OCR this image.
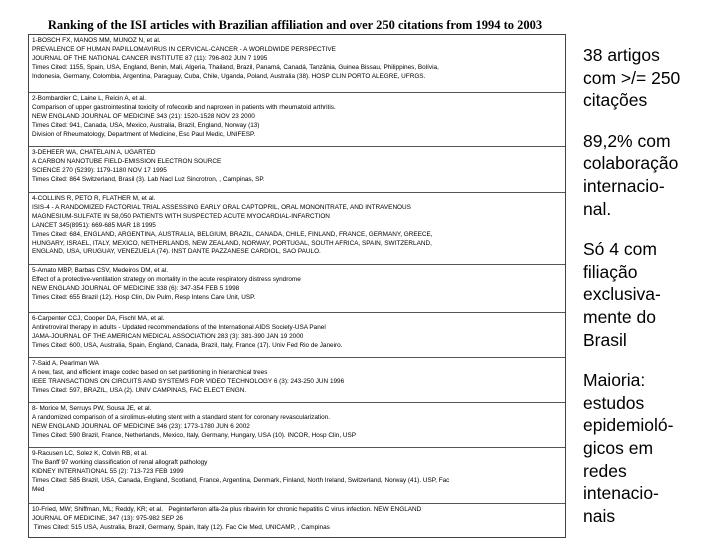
Ranking of the ISI articles with Brazilian affiliation and over 250 citations from 1994 to 2003
1-BOSCH FX, MANOS MM, MUNOZ N, et al.
PREVALENCE OF HUMAN PAPILLOMAVIRUS IN CERVICAL-CANCER - A WORLDWIDE PERSPECTIVE
JOURNAL OF THE NATIONAL CANCER INSTITUTE 87 (11): 796-802 JUN 7 1995
Times Cited: 1155, Spain, USA, England, Benin, Mali, Algeria, Thailand, Brazil, Panamá, Canadá, Tanzânia, Guinea Bissau, Philippines, Bolívia,
Indonesia, Germany, Colombia, Argentina, Paraguay, Cuba, Chile, Uganda, Poland, Australia (38). HOSP CLIN PORTO ALEGRE, UFRGS.
2-Bombardier C, Laine L, Reicin A, et al.
Comparison of upper gastrointestinal toxicity of rofecoxib and naproxen in patients with rheumatoid arthritis.
NEW ENGLAND JOURNAL OF MEDICINE 343 (21): 1520-1528 NOV 23 2000
Times Cited: 941, Canada, USA, Mexico, Australia, Brazil, England, Norway (13)
Division of Rheumatology, Department of Medicine, Esc Paul Medic, UNIFESP.
3-DEHEER WA, CHATELAIN A, UGARTED
A CARBON NANOTUBE FIELD-EMISSION ELECTRON SOURCE
SCIENCE 270 (5239): 1179-1180 NOV 17 1995
Times Cited: 864 Switzerland, Brasil (3). Lab Nacl Luz Sincrotron, , Campinas, SP.
4-COLLINS R, PETO R, FLATHER M, et al.
ISIS-4 - A RANDOMIZED FACTORIAL TRIAL ASSESSING EARLY ORAL CAPTOPRIL, ORAL MONONITRATE, AND INTRAVENOUS
MAGNESIUM-SULFATE IN 58,050 PATIENTS WITH SUSPECTED ACUTE MYOCARDIAL-INFARCTION
LANCET 345(8951): 669-685 MAR 18 1995
Times Cited: 684, ENGLAND, ARGENTINA, AUSTRALIA, BELGIUM, BRAZIL, CANADA, CHILE, FINLAND, FRANCE, GERMANY, GREECE,
HUNGARY, ISRAEL, ITALY, MEXICO, NETHERLANDS, NEW ZEALAND, NORWAY, PORTUGAL, SOUTH AFRICA, SPAIN, SWITZERLAND,
ENGLAND, USA, URUGUAY, VENEZUELA (74). INST DANTE PAZZANESE CARDIOL, SAO PAULO.
5-Amato MBP, Barbas CSV, Medeiros DM, et al.
Effect of a protective-ventilation strategy on mortality in the acute respiratory distress syndrome
NEW ENGLAND JOURNAL OF MEDICINE 338 (6): 347-354 FEB 5 1998
Times Cited: 655 Brazil (12). Hosp Clin, Div Pulm, Resp Intens Care Unit, USP.
6-Carpenter CCJ, Cooper DA, Fischl MA, et al.
Antiretroviral therapy in adults - Updated recommendations of the International AIDS Society-USA Panel
JAMA-JOURNAL OF THE AMERICAN MEDICAL ASSOCIATION 283 (3): 381-390 JAN 19 2000
Times Cited: 600, USA, Australia, Spain, England, Canada, Brazil, Italy, France (17). Univ Fed Rio de Janeiro.
7-Said A, Pearlman WA
A new, fast, and efficient image codec based on set partitioning in hierarchical trees
IEEE TRANSACTIONS ON CIRCUITS AND SYSTEMS FOR VIDEO TECHNOLOGY 6 (3): 243-250 JUN 1996
Times Cited: 597, BRAZIL, USA (2). UNIV CAMPINAS, FAC ELECT ENGN.
8- Morice M, Serruys PW, Sousa JE, et al.
A randomized comparison of a sirolimus-eluting stent with a standard stent for coronary revascularization.
NEW ENGLAND JOURNAL OF MEDICINE 346 (23): 1773-1780 JUN 6 2002
Times Cited: 590 Brazil, France, Netherlands, Mexico, Italy, Germany, Hungary, USA (10). INCOR, Hosp Clin, USP
9-Racusen LC, Solez K, Colvin RB, et al.
The Banff 97 working classification of renal allograft pathology
KIDNEY INTERNATIONAL 55 (2): 713-723 FEB 1999
Times Cited: 585 Brazil, USA, Canada, England, Scotland, France, Argentina, Denmark, Finland, North Ireland, Switzerland, Norway (41). USP, Fac
Med
10-Fried, MW; Shiffman, ML; Reddy, KR; et al.   Peginterferon alfa-2a plus ribavirin for chronic hepatitis C virus infection. NEW ENGLAND
JOURNAL OF MEDICINE, 347 (13): 975-982 SEP 26
Times Cited: 515 USA, Australia, Brazil, Germany, Spain, Italy (12). Fac Cie Med, UNICAMP, , Campinas
38 artigos
com >/= 250
citações
89,2% com
colaboração
internacio-
nal.
Só 4 com
filiação
exclusiva-
mente do
Brasil
Maioria:
estudos
epidemioló-
gicos em
redes
intenacio-
nais
